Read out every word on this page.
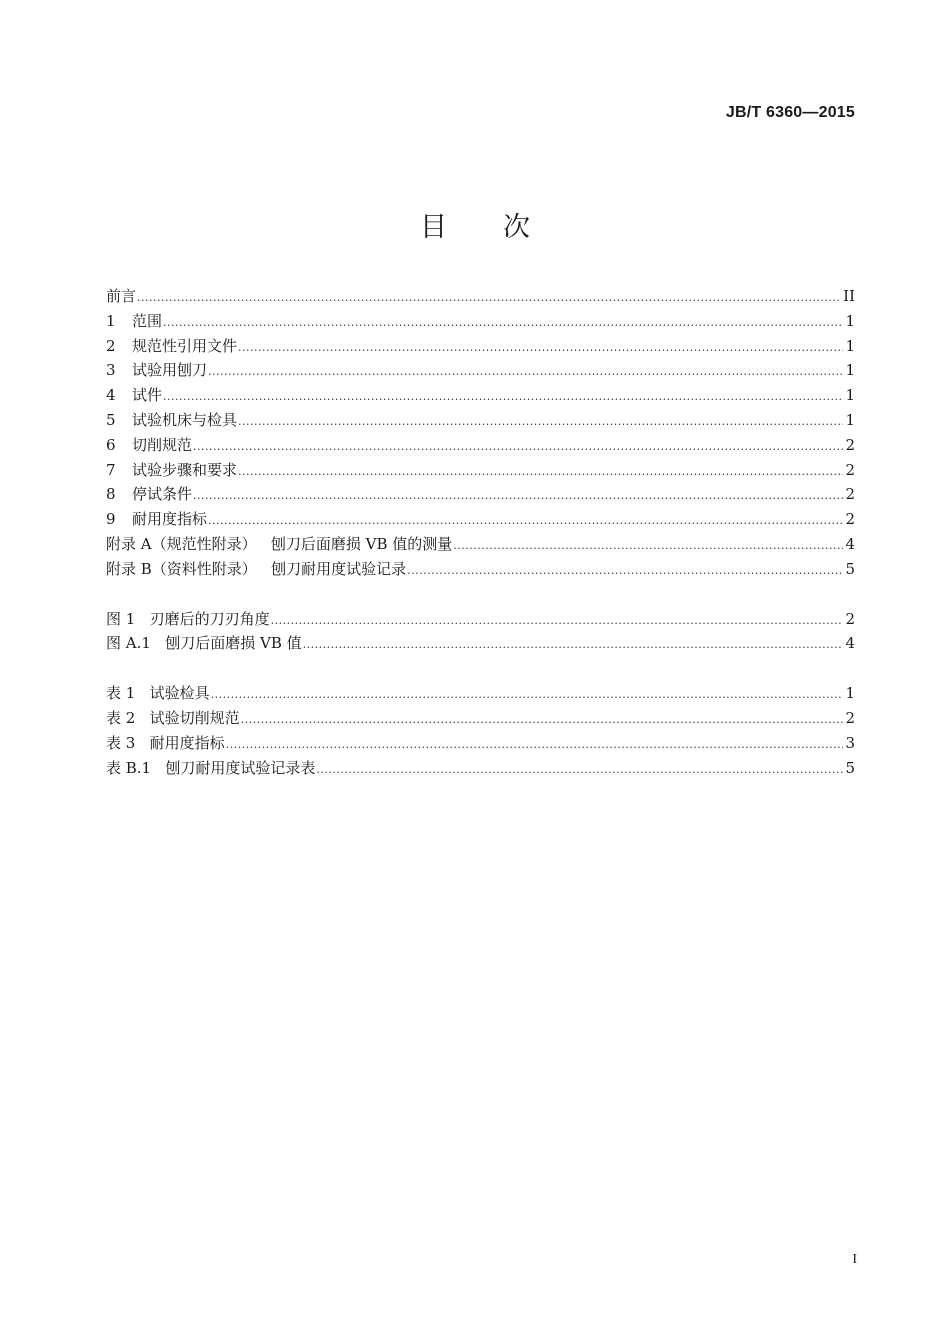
JB/T 6360—2015
目 次
前言 .....	II
1	范围 .....	1
2	规范性引用文件 .....	1
3	试验用刨刀 .....	1
4	试件 .....	1
5	试验机床与检具 .....	1
6	切削规范 .....	2
7	试验步骤和要求 .....	2
8	停试条件 .....	2
9	耐用度指标 .....	2
附录 A（规范性附录）   刨刀后面磨损 VB 值的测量 .....	4
附录 B（资料性附录）   刨刀耐用度试验记录 .....	5
图 1   刃磨后的刀刃角度 .....	2
图 A.1   刨刀后面磨损 VB 值 .....	4
表 1   试验检具 .....	1
表 2   试验切削规范 .....	2
表 3   耐用度指标 .....	3
表 B.1   刨刀耐用度试验记录表 .....	5
I
